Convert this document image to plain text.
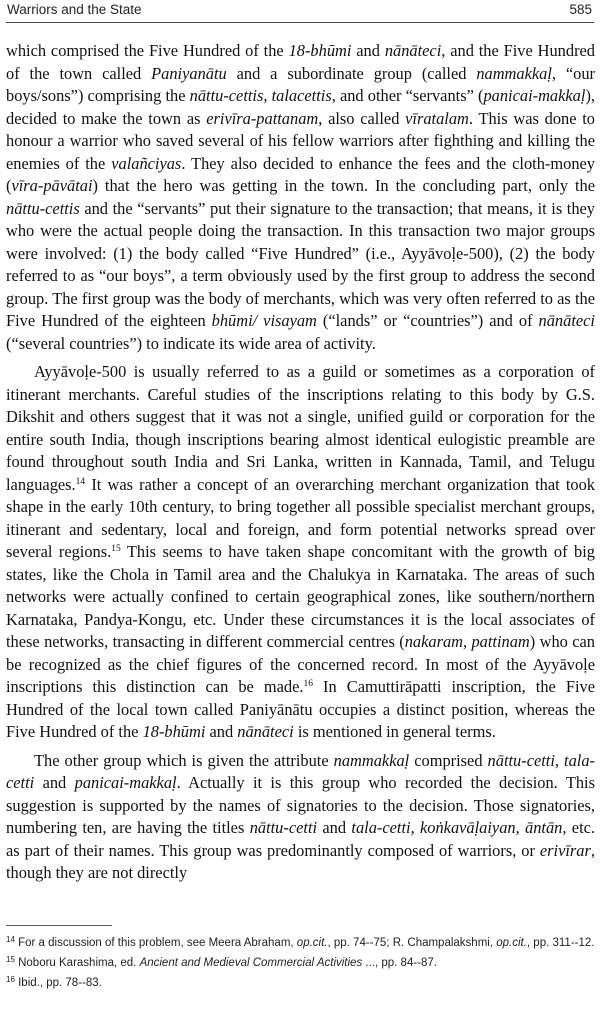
Warriors and the State	585

which comprised the Five Hundred of the 18-bhūmi and nānāteci, and the Five Hundred of the town called Paniyanātu and a subordinate group (called nammakkaḷ, “our boys/sons”) comprising the nāttu-cettis, talacettis, and other “servants” (panicai-makkaḷ), decided to make the town as erivīra-pattanam, also called vīratalam. This was done to honour a warrior who saved several of his fellow warriors after fighthing and killing the enemies of the valañciyas. They also decided to enhance the fees and the cloth-money (vīra-pāvātai) that the hero was getting in the town. In the concluding part, only the nāttu-cettis and the “servants” put their signature to the transaction; that means, it is they who were the actual people doing the transaction. In this transaction two major groups were involved: (1) the body called “Five Hundred” (i.e., Ayyāvoḷe-500), (2) the body referred to as “our boys”, a term obviously used by the first group to address the second group. The first group was the body of merchants, which was very often referred to as the Five Hundred of the eighteen bhūmi/ visayam (“lands” or “countries”) and of nānāteci (“several countries”) to indicate its wide area of activity.

Ayyāvoḷe-500 is usually referred to as a guild or sometimes as a corporation of itinerant merchants. Careful studies of the inscriptions relating to this body by G.S. Dikshit and others suggest that it was not a single, unified guild or corporation for the entire south India, though inscriptions bearing almost identical eulogistic preamble are found throughout south India and Sri Lanka, written in Kannada, Tamil, and Telugu languages.$^{14}$ It was rather a concept of an overarching merchant organization that took shape in the early 10th century, to bring together all possible specialist merchant groups, itinerant and sedentary, local and foreign, and form potential networks spread over several regions.$^{15}$ This seems to have taken shape concomitant with the growth of big states, like the Chola in Tamil area and the Chalukya in Karnataka. The areas of such networks were actually confined to certain geographical zones, like southern/northern Karnataka, Pandya-Kongu, etc. Under these circumstances it is the local associates of these networks, transacting in different commercial centres (nakaram, pattinam) who can be recognized as the chief figures of the concerned record. In most of the Ayyāvoḷe inscriptions this distinction can be made.$^{16}$ In Camuttirāpatti inscription, the Five Hundred of the local town called Paniyānātu occupies a distinct position, whereas the Five Hundred of the 18-bhūmi and nānāteci is mentioned in general terms.

The other group which is given the attribute nammakkaḷ comprised nāttu-cetti, tala-cetti and panicai-makkaḷ. Actually it is this group who recorded the decision. This suggestion is supported by the names of signatories to the decision. Those signatories, numbering ten, are having the titles nāttu-cetti and tala-cetti, koṅkavāḷaiyan, āntān, etc. as part of their names. This group was predominantly composed of warriors, or erivīrar, though they are not directly

$^{14}$ For a discussion of this problem, see Meera Abraham, op.cit., pp. 74--75; R. Champalakshmi, op.cit., pp. 311--12.
$^{15}$ Noboru Karashima, ed. Ancient and Medieval Commercial Activities ..., pp. 84--87.
$^{16}$ Ibid., pp. 78--83.
